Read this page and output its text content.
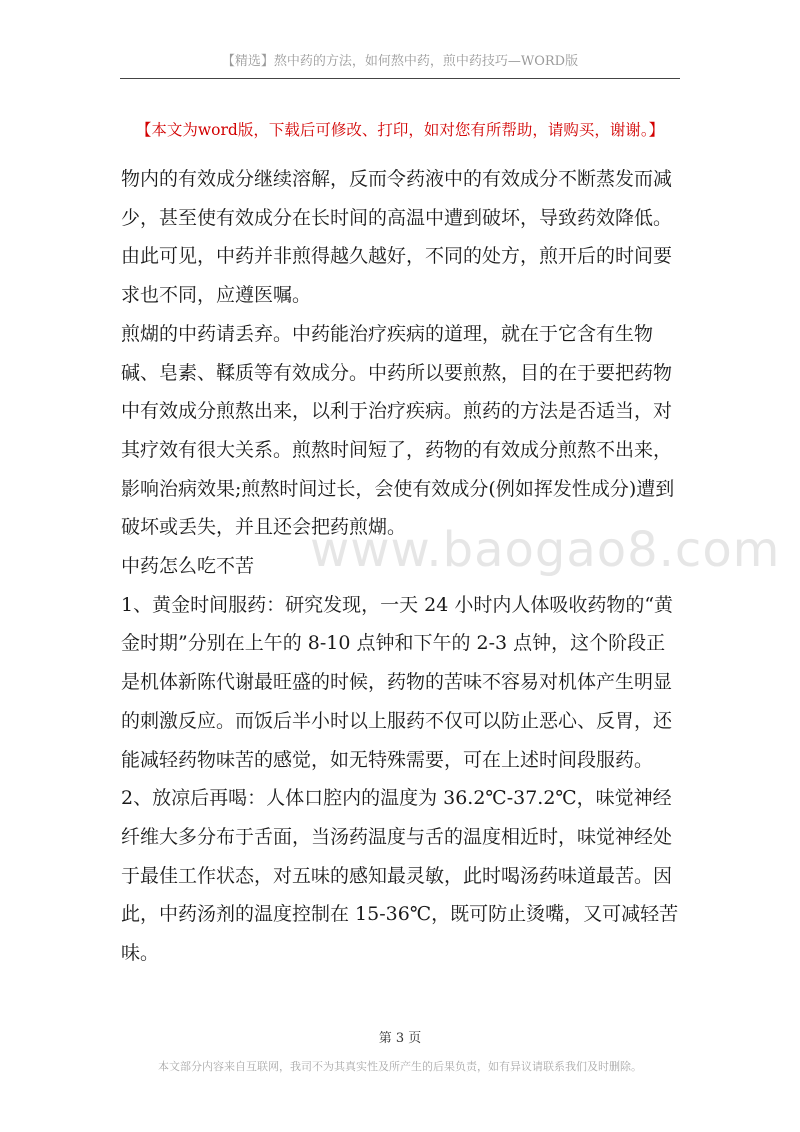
【精选】熬中药的方法，如何熬中药，煎中药技巧—WORD版
【本文为word版，下载后可修改、打印，如对您有所帮助，请购买，谢谢。】

物内的有效成分继续溶解，反而令药液中的有效成分不断蒸发而减少，甚至使有效成分在长时间的高温中遭到破坏，导致药效降低。由此可见，中药并非煎得越久越好，不同的处方，煎开后的时间要求也不同，应遵医嘱。

煎煳的中药请丢弃。中药能治疗疾病的道理，就在于它含有生物碱、皂素、鞣质等有效成分。中药所以要煎熬，目的在于要把药物中有效成分煎熬出来，以利于治疗疾病。煎药的方法是否适当，对其疗效有很大关系。煎熬时间短了，药物的有效成分煎熬不出来，影响治病效果;煎熬时间过长，会使有效成分(例如挥发性成分)遭到破坏或丢失，并且还会把药煎煳。

中药怎么吃不苦

1、黄金时间服药：研究发现，一天 24 小时内人体吸收药物的“黄金时期”分别在上午的 8-10 点钟和下午的 2-3 点钟，这个阶段正是机体新陈代谢最旺盛的时候，药物的苦味不容易对机体产生明显的刺激反应。而饭后半小时以上服药不仅可以防止恶心、反胃，还能减轻药物味苦的感觉，如无特殊需要，可在上述时间段服药。

2、放凉后再喝：人体口腔内的温度为 36.2℃-37.2℃，味觉神经纤维大多分布于舌面，当汤药温度与舌的温度相近时，味觉神经处于最佳工作状态，对五味的感知最灵敏，此时喝汤药味道最苦。因此，中药汤剂的温度控制在 15-36℃，既可防止烫嘴，又可减轻苦味。

www.baogao8.com
第 3 页
本文部分内容来自互联网，我司不为其真实性及所产生的后果负责，如有异议请联系我们及时删除。
